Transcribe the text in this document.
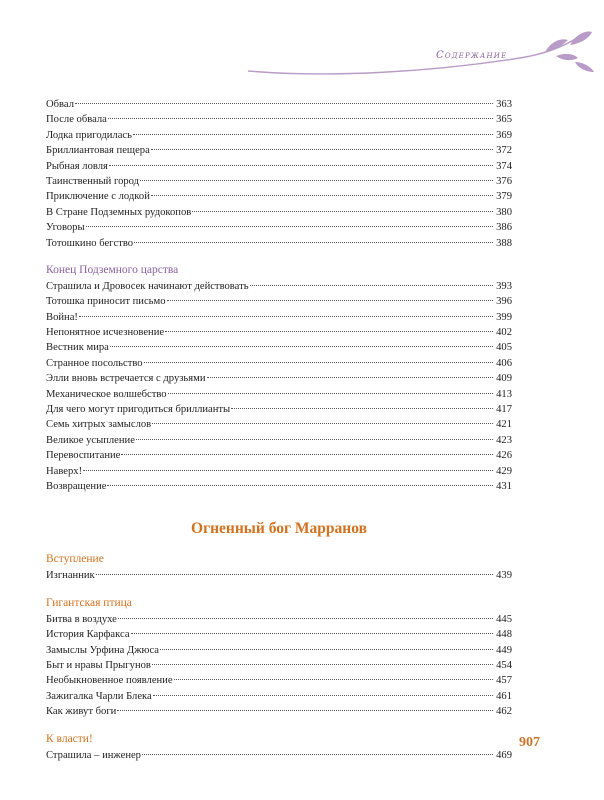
Содержание
Обвал	363
После обвала	365
Лодка пригодилась	369
Бриллиантовая пещера	372
Рыбная ловля	374
Таинственный город	376
Приключение с лодкой	379
В Стране Подземных рудокопов	380
Уговоры	386
Тотошкино бегство	388
Конец Подземного царства
Страшила и Дровосек начинают действовать	393
Тотошка приносит письмо	396
Война!	399
Непонятное исчезновение	402
Вестник мира	405
Странное посольство	406
Элли вновь встречается с друзьями	409
Механическое волшебство	413
Для чего могут пригодиться бриллианты	417
Семь хитрых замыслов	421
Великое усыпление	423
Перевоспитание	426
Наверх!	429
Возвращение	431
Огненный бог Марранов
Вступление
Изгнанник	439
Гигантская птица
Битва в воздухе	445
История Карфакса	448
Замыслы Урфина Джюса	449
Быт и нравы Прыгунов	454
Необыкновенное появление	457
Зажигалка Чарли Блека	461
Как живут боги	462
К власти!
Страшила – инженер	469
907
